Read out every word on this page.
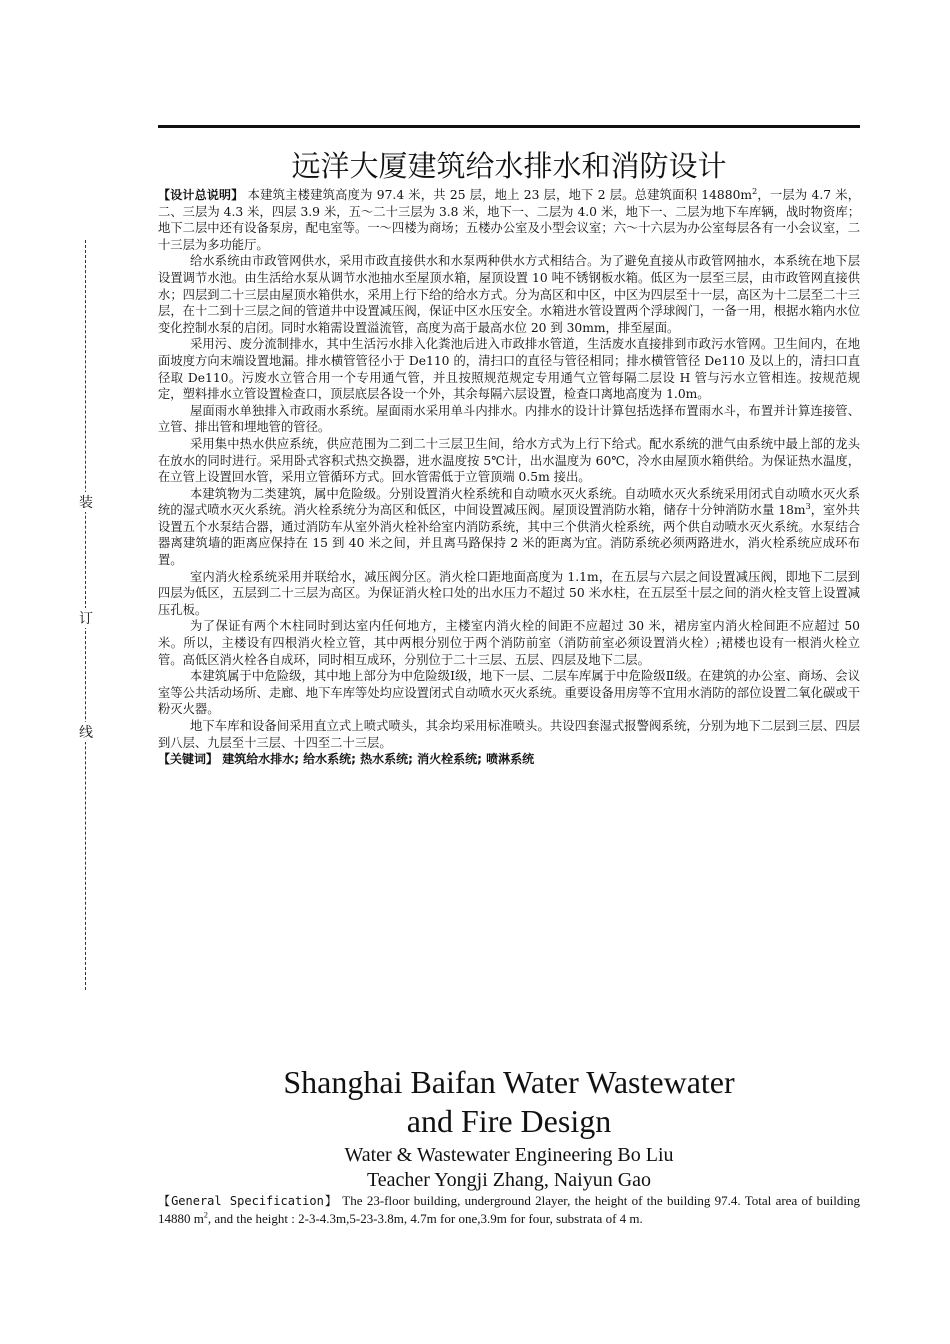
装
订
线
远洋大厦建筑给水排水和消防设计

【设计总说明】 本建筑主楼建筑高度为 97.4 米，共 25 层，地上 23 层，地下 2 层。总建筑面积 $14880m^2$，一层为 4.7 米，二、三层为 4.3 米，四层 3.9 米，五～二十三层为 3.8 米，地下一、二层为 4.0 米，地下一、二层为地下车库辆，战时物资库；地下二层中还有设备泵房，配电室等。一～四楼为商场；五楼办公室及小型会议室；六～十六层为办公室每层各有一小会议室，二十三层为多功能厅。

给水系统由市政管网供水，采用市政直接供水和水泵两种供水方式相结合。为了避免直接从市政管网抽水，本系统在地下层设置调节水池。由生活给水泵从调节水池抽水至屋顶水箱，屋顶设置 10 吨不锈钢板水箱。低区为一层至三层，由市政管网直接供水；四层到二十三层由屋顶水箱供水，采用上行下给的给水方式。分为高区和中区，中区为四层至十一层，高区为十二层至二十三层，在十二到十三层之间的管道井中设置减压阀，保证中区水压安全。水箱进水管设置两个浮球阀门，一备一用，根据水箱内水位变化控制水泵的启闭。同时水箱需设置溢流管，高度为高于最高水位 20 到 30mm，排至屋面。

采用污、废分流制排水，其中生活污水排入化粪池后进入市政排水管道，生活废水直接排到市政污水管网。卫生间内，在地面坡度方向末端设置地漏。排水横管管径小于 De110 的，清扫口的直径与管径相同；排水横管管径 De110 及以上的，清扫口直径取 De110。污废水立管合用一个专用通气管，并且按照规范规定专用通气立管每隔二层设 H 管与污水立管相连。按规范规定，塑料排水立管设置检查口，顶层底层各设一个外，其余每隔六层设置，检查口离地高度为 1.0m。

屋面雨水单独排入市政雨水系统。屋面雨水采用单斗内排水。内排水的设计计算包括选择布置雨水斗，布置并计算连接管、立管、排出管和埋地管的管径。

采用集中热水供应系统，供应范围为二到二十三层卫生间，给水方式为上行下给式。配水系统的泄气由系统中最上部的龙头在放水的同时进行。采用卧式容积式热交换器，进水温度按 5℃计，出水温度为 60℃，冷水由屋顶水箱供给。为保证热水温度，在立管上设置回水管，采用立管循环方式。回水管需低于立管顶端 0.5m 接出。

本建筑物为二类建筑，属中危险级。分别设置消火栓系统和自动喷水灭火系统。自动喷水灭火系统采用闭式自动喷水灭火系统的湿式喷水灭火系统。消火栓系统分为高区和低区，中间设置减压阀。屋顶设置消防水箱，储存十分钟消防水量 $18m^3$，室外共设置五个水泵结合器，通过消防车从室外消火栓补给室内消防系统，其中三个供消火栓系统，两个供自动喷水灭火系统。水泵结合器离建筑墙的距离应保持在 15 到 40 米之间，并且离马路保持 2 米的距离为宜。消防系统必须两路进水，消火栓系统应成环布置。

室内消火栓系统采用并联给水，减压阀分区。消火栓口距地面高度为 1.1m，在五层与六层之间设置减压阀，即地下二层到四层为低区，五层到二十三层为高区。为保证消火栓口处的出水压力不超过 50 米水柱，在五层至十层之间的消火栓支管上设置减压孔板。

为了保证有两个木柱同时到达室内任何地方，主楼室内消火栓的间距不应超过 30 米，裙房室内消火栓间距不应超过 50 米。所以，主楼设有四根消火栓立管，其中两根分别位于两个消防前室（消防前室必须设置消火栓）;裙楼也设有一根消火栓立管。高低区消火栓各自成环，同时相互成环，分别位于二十三层、五层、四层及地下二层。

本建筑属于中危险级，其中地上部分为中危险级Ⅰ级，地下一层、二层车库属于中危险级Ⅱ级。在建筑的办公室、商场、会议室等公共活动场所、走廊、地下车库等处均应设置闭式自动喷水灭火系统。重要设备用房等不宜用水消防的部位设置二氧化碳或干粉灭火器。

地下车库和设备间采用直立式上喷式喷头，其余均采用标准喷头。共设四套湿式报警阀系统，分别为地下二层到三层、四层到八层、九层至十三层、十四至二十三层。

【关键词】 建筑给水排水; 给水系统; 热水系统; 消火栓系统; 喷淋系统

Shanghai Baifan Water Wastewater
and Fire Design

Water & Wastewater Engineering Bo Liu

Teacher Yongji Zhang, Naiyun Gao

【General Specification】 The 23-floor building, underground 2layer, the height of the building 97.4. Total area of building 14880 $m^2$, and the height : 2-3-4.3m,5-23-3.8m, 4.7m for one,3.9m for four, substrata of 4 m.
